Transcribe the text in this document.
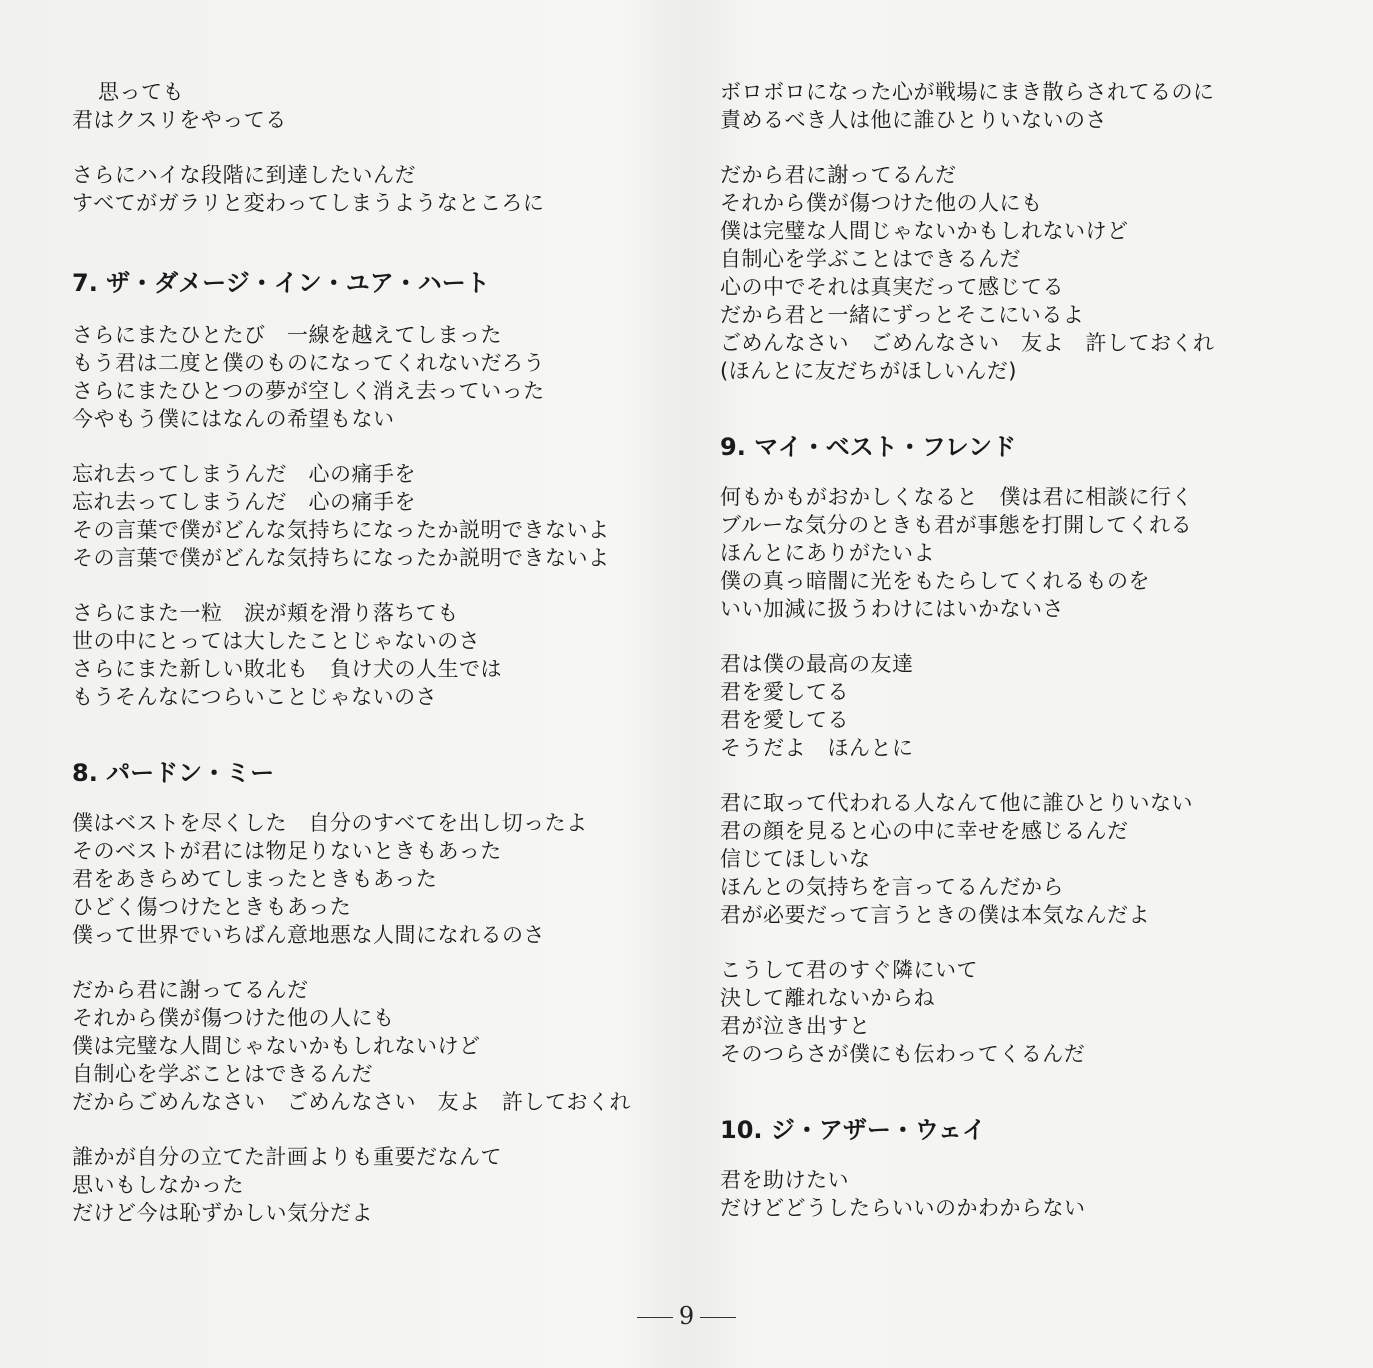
思っても
君はクスリをやってる
さらにハイな段階に到達したいんだ
すべてがガラリと変わってしまうようなところに
7. ザ・ダメージ・イン・ユア・ハート
さらにまたひとたび　一線を越えてしまった
もう君は二度と僕のものになってくれないだろう
さらにまたひとつの夢が空しく消え去っていった
今やもう僕にはなんの希望もない
忘れ去ってしまうんだ　心の痛手を
忘れ去ってしまうんだ　心の痛手を
その言葉で僕がどんな気持ちになったか説明できないよ
その言葉で僕がどんな気持ちになったか説明できないよ
さらにまた一粒　涙が頬を滑り落ちても
世の中にとっては大したことじゃないのさ
さらにまた新しい敗北も　負け犬の人生では
もうそんなにつらいことじゃないのさ
8. パードン・ミー
僕はベストを尽くした　自分のすべてを出し切ったよ
そのベストが君には物足りないときもあった
君をあきらめてしまったときもあった
ひどく傷つけたときもあった
僕って世界でいちばん意地悪な人間になれるのさ
だから君に謝ってるんだ
それから僕が傷つけた他の人にも
僕は完璧な人間じゃないかもしれないけど
自制心を学ぶことはできるんだ
だからごめんなさい　ごめんなさい　友よ　許しておくれ
誰かが自分の立てた計画よりも重要だなんて
思いもしなかった
だけど今は恥ずかしい気分だよ
ボロボロになった心が戦場にまき散らされてるのに
責めるべき人は他に誰ひとりいないのさ
だから君に謝ってるんだ
それから僕が傷つけた他の人にも
僕は完璧な人間じゃないかもしれないけど
自制心を学ぶことはできるんだ
心の中でそれは真実だって感じてる
だから君と一緒にずっとそこにいるよ
ごめんなさい　ごめんなさい　友よ　許しておくれ
(ほんとに友だちがほしいんだ)
9. マイ・ベスト・フレンド
何もかもがおかしくなると　僕は君に相談に行く
ブルーな気分のときも君が事態を打開してくれる
ほんとにありがたいよ
僕の真っ暗闇に光をもたらしてくれるものを
いい加減に扱うわけにはいかないさ
君は僕の最高の友達
君を愛してる
君を愛してる
そうだよ　ほんとに
君に取って代われる人なんて他に誰ひとりいない
君の顔を見ると心の中に幸せを感じるんだ
信じてほしいな
ほんとの気持ちを言ってるんだから
君が必要だって言うときの僕は本気なんだよ
こうして君のすぐ隣にいて
決して離れないからね
君が泣き出すと
そのつらさが僕にも伝わってくるんだ
10. ジ・アザー・ウェイ
君を助けたい
だけどどうしたらいいのかわからない
9
